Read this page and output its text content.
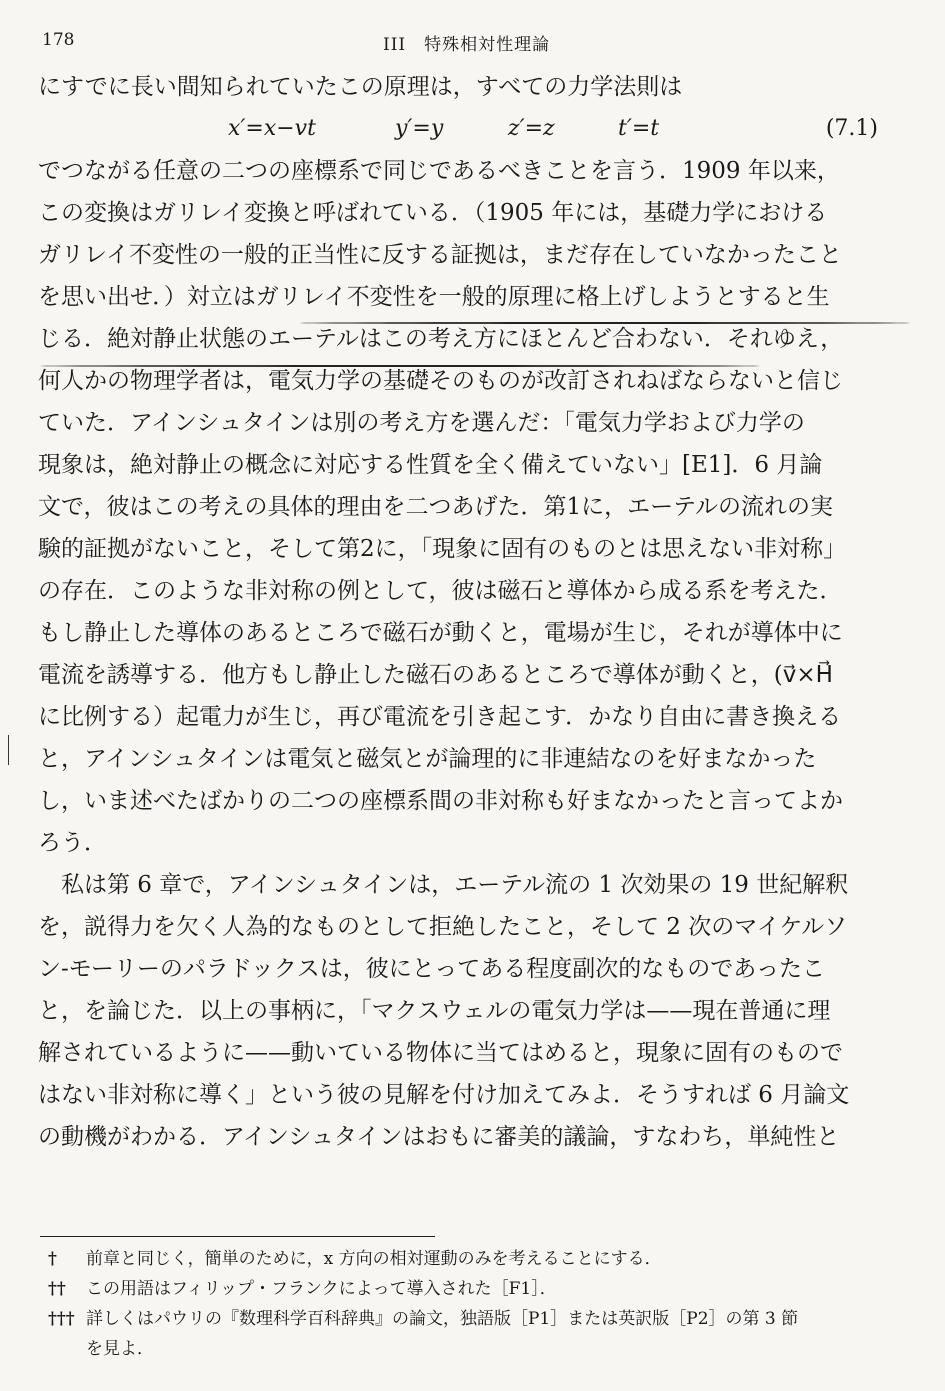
178	III　特殊相対性理論
にすでに長い間知られていたこの原理は，すべての力学法則は
x′=x−vt	y′=y	z′=z	t′=t	(7.1)
でつながる任意の二つの座標系で同じであるべきことを言う．1909 年以来，
この変換はガリレイ変換と呼ばれている．（1905 年には，基礎力学における
ガリレイ不変性の一般的正当性に反する証拠は，まだ存在していなかったこと
を思い出せ．）対立はガリレイ不変性を一般的原理に格上げしようとすると生
じる．絶対静止状態のエーテルはこの考え方にほとんど合わない．それゆえ，
何人かの物理学者は，電気力学の基礎そのものが改訂されねばならないと信じ
ていた．アインシュタインは別の考え方を選んだ：「電気力学および力学の
現象は，絶対静止の概念に対応する性質を全く備えていない」[E1]．6 月論
文で，彼はこの考えの具体的理由を二つあげた．第1に，エーテルの流れの実
験的証拠がないこと，そして第2に，「現象に固有のものとは思えない非対称」
の存在．このような非対称の例として，彼は磁石と導体から成る系を考えた．
もし静止した導体のあるところで磁石が動くと，電場が生じ，それが導体中に
電流を誘導する．他方もし静止した磁石のあるところで導体が動くと，(v⃗×H⃗
に比例する）起電力が生じ，再び電流を引き起こす．かなり自由に書き換える
と，アインシュタインは電気と磁気とが論理的に非連結なのを好まなかった
し，いま述べたばかりの二つの座標系間の非対称も好まなかったと言ってよか
ろう．
私は第 6 章で，アインシュタインは，エーテル流の 1 次効果の 19 世紀解釈
を，説得力を欠く人為的なものとして拒絶したこと，そして 2 次のマイケルソ
ン-モーリーのパラドックスは，彼にとってある程度副次的なものであったこ
と，を論じた．以上の事柄に，「マクスウェルの電気力学は——現在普通に理
解されているように——動いている物体に当てはめると，現象に固有のもので
はない非対称に導く」という彼の見解を付け加えてみよ．そうすれば 6 月論文
の動機がわかる．アインシュタインはおもに審美的議論，すなわち，単純性と
†	前章と同じく，簡単のために，x 方向の相対運動のみを考えることにする．
††	この用語はフィリップ・フランクによって導入された［F1］．
††† 詳しくはパウリの『数理科学百科辞典』の論文，独語版［P1］または英訳版［P2］の第 3 節
を見よ．
